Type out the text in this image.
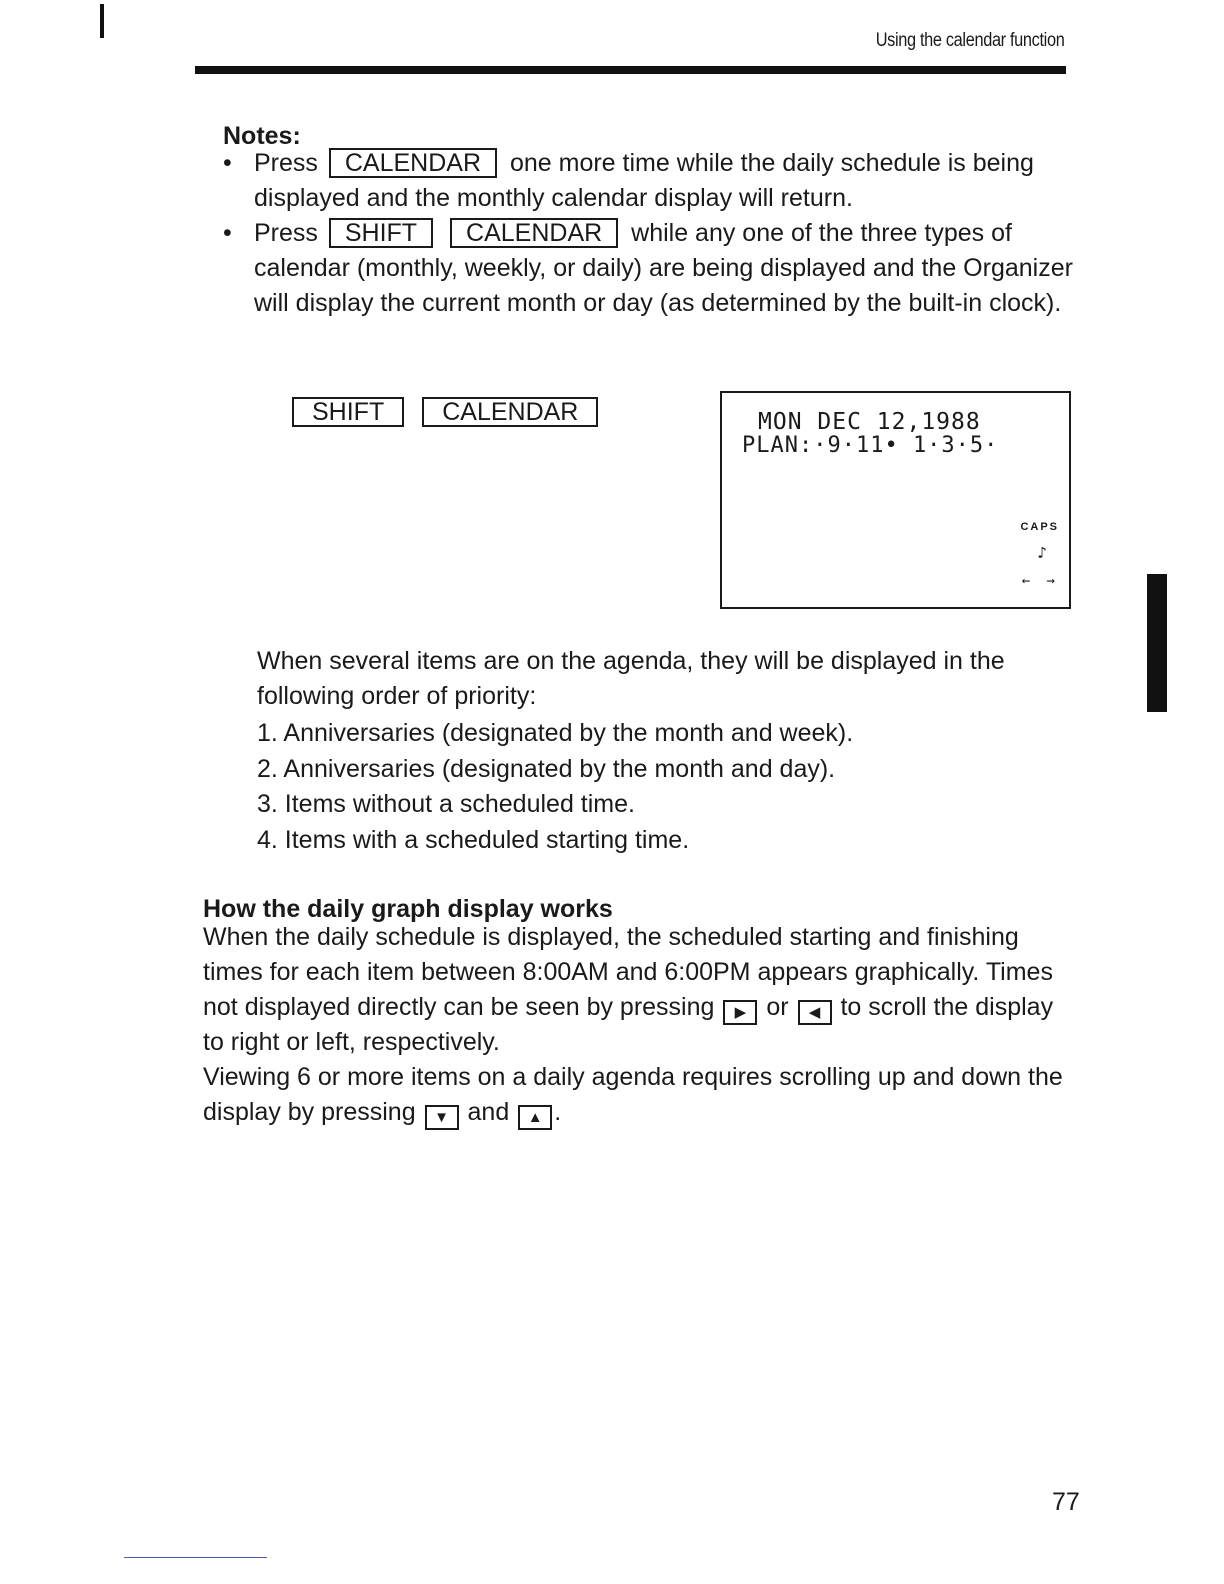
Using the calendar function
Notes:
• Press CALENDAR one more time while the daily schedule is being displayed and the monthly calendar display will return.
• Press SHIFT CALENDAR while any one of the three types of calendar (monthly, weekly, or daily) are being displayed and the Organizer will display the current month or day (as determined by the built-in clock).
SHIFT CALENDAR	MON DEC 12,1988
PLAN:·9·11• 1·3·5·
CAPS
♪
← →
When several items are on the agenda, they will be displayed in the following order of priority:
1. Anniversaries (designated by the month and week).
2. Anniversaries (designated by the month and day).
3. Items without a scheduled time.
4. Items with a scheduled starting time.
How the daily graph display works
When the daily schedule is displayed, the scheduled starting and finishing times for each item between 8:00AM and 6:00PM appears graphically. Times not displayed directly can be seen by pressing ▶ or ◀ to scroll the display to right or left, respectively.
Viewing 6 or more items on a daily agenda requires scrolling up and down the display by pressing ▼ and ▲ .
77
